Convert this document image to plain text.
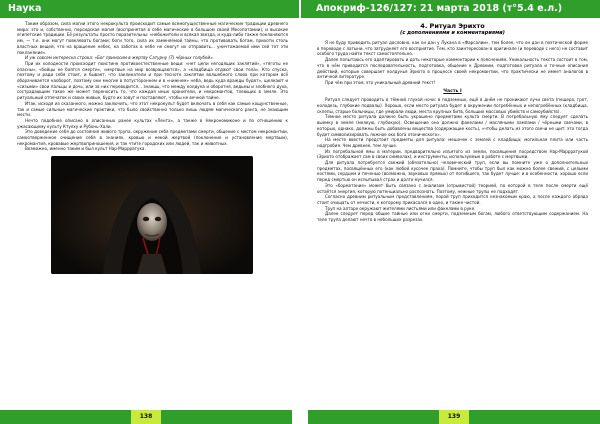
Наука

Таким образом, сила магии этого некрокульта происходит самые всемогущественные магические традиции древнего мира: это и, собственно, персидская магия (воспринятая в себе магические в большом своей Месопотамии), и высокие египетские традиции. Её результаты просто поразительны: «небожители и всякая звезда, и куда-либо также поклоняются им, — т.е. они могут повелевать богами; боги того, сила их заменяемой тайны, что противовать богам, прихоти столь властных вещей, что на вращение небес, на заботах в небе не смогут их отправить... уничтожаемой ими сей тот эти покланяние».

И уж совсем интересна строка: «Бог приносим в жертву Сатурну (7) чёрных голубей».

При их холодности происходит поистине противоестественные вещи: «нет цепи негодящих заклятий», «тяготы не опасны», «бойцы не боятся смерти», «мертвые на мир возвращаются», а «кладбища отдают свои тела». Кто спуска, поэтому и ради себя стоит, и бывает, что заклинатели и при тесноте заклятии волшебного слова при котором всё оборачивается наоборот, поэтому они многие в потустороннем и в «нижнем» неба, ведь куда вражды будет», щелкают и «сизыми» свои пальцы и дочь, или за них переводится... знаешь, что между колдуна и оборотня, ведьмы и злобного духа, сострадающим такое же может переносить то, что каждая иных хранители, и некромантов, тлеющих в земле. Это ритуальный отпечаток и своих живые, будто их зовут и поставляют, чтобы не вечной тайне.

Итак, исходя из сказанного, можно заключить, что этот некрокульт будет включать в себя как самые кощунственные, так и самые сильные магические практики, что было свойственно только лишь людям магического ранга, не знающим мести.

Нечто подобное описано в описанных ранее культах «Лента», а также в Некрономиконе и по отношению к ужасающему культу Ктулху и Рубонь-Хали.

Это доведение себя до состояния живого трупа, окружение себя предметами смерти, общение с местом некромантии, самоотверженное очищение себя в знаниях, кровью и некой жертвой (поклонение и установление мертвым), некромантия, кровавые жертвоприношения, и так чтите городских или людей, так и животных.

Возможно, именно таким и был культ Нар-Маррратука.

138
Апокриф-126/127: 21 марта 2018 (т°5.4 е.л.)
4. Ритуал Эрихто
(с дополнениями и комментариями)

Я не буду приводить ритуал дословно, как он дан у Лукана в «Фарсалии», тем более, что он дан в поэтической форме в переводе с латыни, что затрудняет его восприятие. Тем, кто заинтересован в оригинале (и переводе с него) не составит особого труда найти текст самостоятельно.

Далее попытаюсь его адаптировать и дать некоторые комментарии к пояснениям. Уникальность текста состоит в том, что в нём приводится последовательность, подготовка, общение к Древним, подготовка ритуала и точные описания действий, которые совершает колдунья Эрихто в процессе своей некромантии, что практически не имеет аналогов в античной литературе.

При чём при этом, это уникальный древний текст!

Часть I

Ритуал следует проводить в тёмной глухой ночи: в подземных, ещё в днём не проникают лучи света (пещера, грот, колодезь, глубокие подвалы). Хорошо, если место ритуала будет в окружении погребённых и непогребённых (кладбища, склепы, старые больницы, где умирали люди, места крупных битв, больших массовых убийств и самоубийств).

Темное место ритуала должно быть украшено предметами культа смерти. В погребальную яму следует сделать выемку в земле (мелкую, глубокую). Освещение оно должно факелами / масляными лампами / чёрными свечами, в которых, однако, должны быть добавлены вещества (содержащие кость), «чтобы делать из этого свечи не щит: это тогда будет символизировать ложное око бога хтонического».

На месте ввести предстоит предметы для ритуала: мешочек с землей с кладбища; могильная плита или часть надгробия. Чем древнее, тем лучше.

Из погребальной ямы в материи, предварительно изъятого из земли, посвящения посредством Нар-Маррратукой (Эрихто отображает сам в своих символах), и инструменты, используемые в работе с мертвыми.

Для ритуала потребуется свежий (обязательно) человеческий труп, если вы помните уже о дополнительных предметах, посвящённых его (как любой кусочек праха). Помните, чтобы труп был как можно более свежий, с целыми костями, сердцем и печенью (возможно, звуковых прямых) от погибшего, так будет лучше: и в особенности, хорошо если перед смертью он испытывал страх и долго мучился.

Это «бормотание» может быть связано с анализом (отрывистой) теорией, по которой в теле после смерти ещё остаётся энергия, которую потенциально распознать. Поэтому, нежные трупы не подходят.

Согласно древним ритуальным представлениям, порой труп приходится незнакомым краю, а после каждого обряда стоит очищать от нечисти, к которому прикасался в одно, и также чистой.

Труп на алтаре окружают жителями листьями или факелами в руке.

Далее следует перед общие тайные или огни смерти, подземным богам, любого ответствующим содержанием. На теле трупа делают нечто в небольших разрезах.

139
